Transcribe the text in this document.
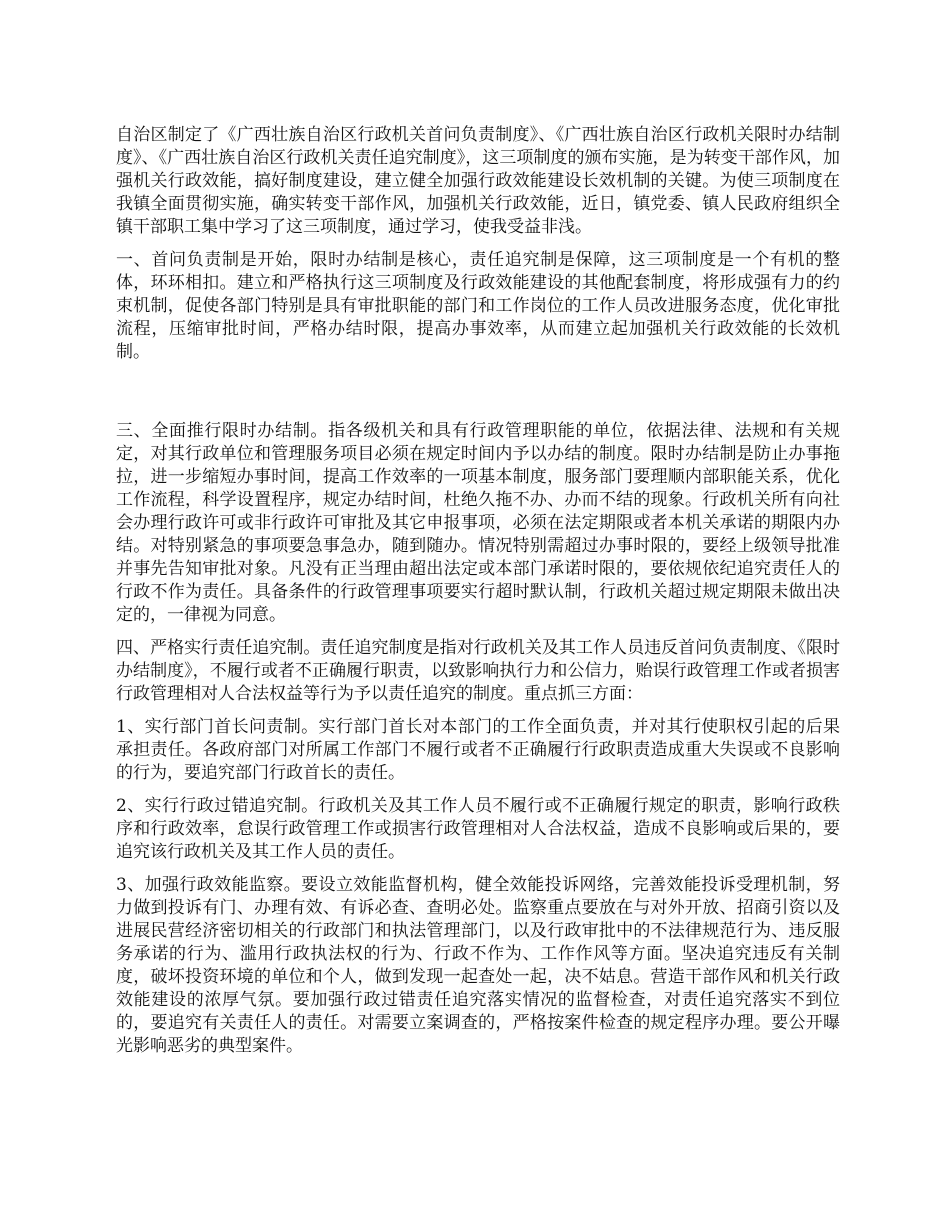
自治区制定了《广西壮族自治区行政机关首问负责制度》、《广西壮族自治区行政机关限时办结制度》、《广西壮族自治区行政机关责任追究制度》，这三项制度的颁布实施，是为转变干部作风，加强机关行政效能，搞好制度建设，建立健全加强行政效能建设长效机制的关键。为使三项制度在我镇全面贯彻实施，确实转变干部作风，加强机关行政效能，近日，镇党委、镇人民政府组织全镇干部职工集中学习了这三项制度，通过学习，使我受益非浅。

一、首问负责制是开始，限时办结制是核心，责任追究制是保障，这三项制度是一个有机的整体，环环相扣。建立和严格执行这三项制度及行政效能建设的其他配套制度，将形成强有力的约束机制，促使各部门特别是具有审批职能的部门和工作岗位的工作人员改进服务态度，优化审批流程，压缩审批时间，严格办结时限，提高办事效率，从而建立起加强机关行政效能的长效机制。

三、全面推行限时办结制。指各级机关和具有行政管理职能的单位，依据法律、法规和有关规定，对其行政单位和管理服务项目必须在规定时间内予以办结的制度。限时办结制是防止办事拖拉，进一步缩短办事时间，提高工作效率的一项基本制度，服务部门要理顺内部职能关系，优化工作流程，科学设置程序，规定办结时间，杜绝久拖不办、办而不结的现象。行政机关所有向社会办理行政许可或非行政许可审批及其它申报事项，必须在法定期限或者本机关承诺的期限内办结。对特别紧急的事项要急事急办，随到随办。情况特别需超过办事时限的，要经上级领导批准并事先告知审批对象。凡没有正当理由超出法定或本部门承诺时限的，要依规依纪追究责任人的行政不作为责任。具备条件的行政管理事项要实行超时默认制，行政机关超过规定期限未做出决定的，一律视为同意。

四、严格实行责任追究制。责任追究制度是指对行政机关及其工作人员违反首问负责制度、《限时办结制度》，不履行或者不正确履行职责，以致影响执行力和公信力，贻误行政管理工作或者损害行政管理相对人合法权益等行为予以责任追究的制度。重点抓三方面：

1、实行部门首长问责制。实行部门首长对本部门的工作全面负责，并对其行使职权引起的后果承担责任。各政府部门对所属工作部门不履行或者不正确履行行政职责造成重大失误或不良影响的行为，要追究部门行政首长的责任。

2、实行行政过错追究制。行政机关及其工作人员不履行或不正确履行规定的职责，影响行政秩序和行政效率，怠误行政管理工作或损害行政管理相对人合法权益，造成不良影响或后果的，要追究该行政机关及其工作人员的责任。

3、加强行政效能监察。要设立效能监督机构，健全效能投诉网络，完善效能投诉受理机制，努力做到投诉有门、办理有效、有诉必查、查明必处。监察重点要放在与对外开放、招商引资以及进展民营经济密切相关的行政部门和执法管理部门，以及行政审批中的不法律规范行为、违反服务承诺的行为、滥用行政执法权的行为、行政不作为、工作作风等方面。坚决追究违反有关制度，破坏投资环境的单位和个人，做到发现一起查处一起，决不姑息。营造干部作风和机关行政效能建设的浓厚气氛。要加强行政过错责任追究落实情况的监督检查，对责任追究落实不到位的，要追究有关责任人的责任。对需要立案调查的，严格按案件检查的规定程序办理。要公开曝光影响恶劣的典型案件。
